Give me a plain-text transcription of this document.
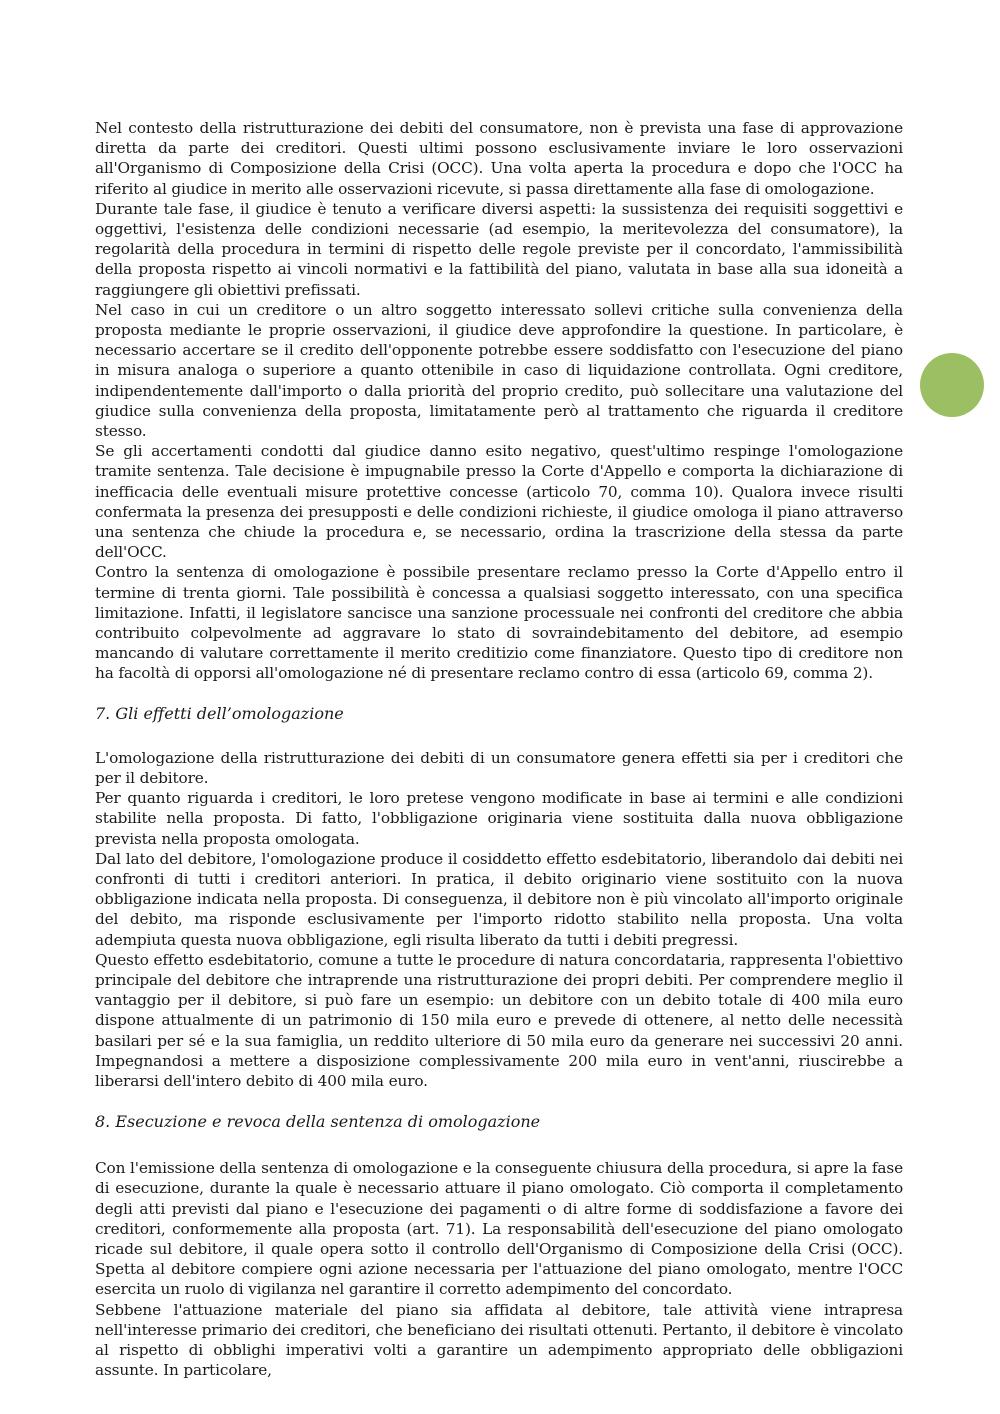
Nel contesto della ristrutturazione dei debiti del consumatore, non è prevista una fase di approvazione diretta da parte dei creditori. Questi ultimi possono esclusivamente inviare le loro osservazioni all'Organismo di Composizione della Crisi (OCC). Una volta aperta la procedura e dopo che l'OCC ha riferito al giudice in merito alle osservazioni ricevute, si passa direttamente alla fase di omologazione.

Durante tale fase, il giudice è tenuto a verificare diversi aspetti: la sussistenza dei requisiti soggettivi e oggettivi, l'esistenza delle condizioni necessarie (ad esempio, la meritevolezza del consumatore), la regolarità della procedura in termini di rispetto delle regole previste per il concordato, l'ammissibilità della proposta rispetto ai vincoli normativi e la fattibilità del piano, valutata in base alla sua idoneità a raggiungere gli obiettivi prefissati.

Nel caso in cui un creditore o un altro soggetto interessato sollevi critiche sulla convenienza della proposta mediante le proprie osservazioni, il giudice deve approfondire la questione. In particolare, è necessario accertare se il credito dell'opponente potrebbe essere soddisfatto con l'esecuzione del piano in misura analoga o superiore a quanto ottenibile in caso di liquidazione controllata. Ogni creditore, indipendentemente dall'importo o dalla priorità del proprio credito, può sollecitare una valutazione del giudice sulla convenienza della proposta, limitatamente però al trattamento che riguarda il creditore stesso.

Se gli accertamenti condotti dal giudice danno esito negativo, quest'ultimo respinge l'omologazione tramite sentenza. Tale decisione è impugnabile presso la Corte d'Appello e comporta la dichiarazione di inefficacia delle eventuali misure protettive concesse (articolo 70, comma 10). Qualora invece risulti confermata la presenza dei presupposti e delle condizioni richieste, il giudice omologa il piano attraverso una sentenza che chiude la procedura e, se necessario, ordina la trascrizione della stessa da parte dell'OCC.

Contro la sentenza di omologazione è possibile presentare reclamo presso la Corte d'Appello entro il termine di trenta giorni. Tale possibilità è concessa a qualsiasi soggetto interessato, con una specifica limitazione. Infatti, il legislatore sancisce una sanzione processuale nei confronti del creditore che abbia contribuito colpevolmente ad aggravare lo stato di sovraindebitamento del debitore, ad esempio mancando di valutare correttamente il merito creditizio come finanziatore. Questo tipo di creditore non ha facoltà di opporsi all'omologazione né di presentare reclamo contro di essa (articolo 69, comma 2).

7. Gli effetti dell’omologazione

L'omologazione della ristrutturazione dei debiti di un consumatore genera effetti sia per i creditori che per il debitore.

Per quanto riguarda i creditori, le loro pretese vengono modificate in base ai termini e alle condizioni stabilite nella proposta. Di fatto, l'obbligazione originaria viene sostituita dalla nuova obbligazione prevista nella proposta omologata.

Dal lato del debitore, l'omologazione produce il cosiddetto effetto esdebitatorio, liberandolo dai debiti nei confronti di tutti i creditori anteriori. In pratica, il debito originario viene sostituito con la nuova obbligazione indicata nella proposta. Di conseguenza, il debitore non è più vincolato all'importo originale del debito, ma risponde esclusivamente per l'importo ridotto stabilito nella proposta. Una volta adempiuta questa nuova obbligazione, egli risulta liberato da tutti i debiti pregressi.

Questo effetto esdebitatorio, comune a tutte le procedure di natura concordataria, rappresenta l'obiettivo principale del debitore che intraprende una ristrutturazione dei propri debiti. Per comprendere meglio il vantaggio per il debitore, si può fare un esempio: un debitore con un debito totale di 400 mila euro dispone attualmente di un patrimonio di 150 mila euro e prevede di ottenere, al netto delle necessità basilari per sé e la sua famiglia, un reddito ulteriore di 50 mila euro da generare nei successivi 20 anni. Impegnandosi a mettere a disposizione complessivamente 200 mila euro in vent'anni, riuscirebbe a liberarsi dell'intero debito di 400 mila euro.

8. Esecuzione e revoca della sentenza di omologazione

Con l'emissione della sentenza di omologazione e la conseguente chiusura della procedura, si apre la fase di esecuzione, durante la quale è necessario attuare il piano omologato. Ciò comporta il completamento degli atti previsti dal piano e l'esecuzione dei pagamenti o di altre forme di soddisfazione a favore dei creditori, conformemente alla proposta (art. 71). La responsabilità dell'esecuzione del piano omologato ricade sul debitore, il quale opera sotto il controllo dell'Organismo di Composizione della Crisi (OCC). Spetta al debitore compiere ogni azione necessaria per l'attuazione del piano omologato, mentre l'OCC esercita un ruolo di vigilanza nel garantire il corretto adempimento del concordato.

Sebbene l'attuazione materiale del piano sia affidata al debitore, tale attività viene intrapresa nell'interesse primario dei creditori, che beneficiano dei risultati ottenuti. Pertanto, il debitore è vincolato al rispetto di obblighi imperativi volti a garantire un adempimento appropriato delle obbligazioni assunte. In particolare,
